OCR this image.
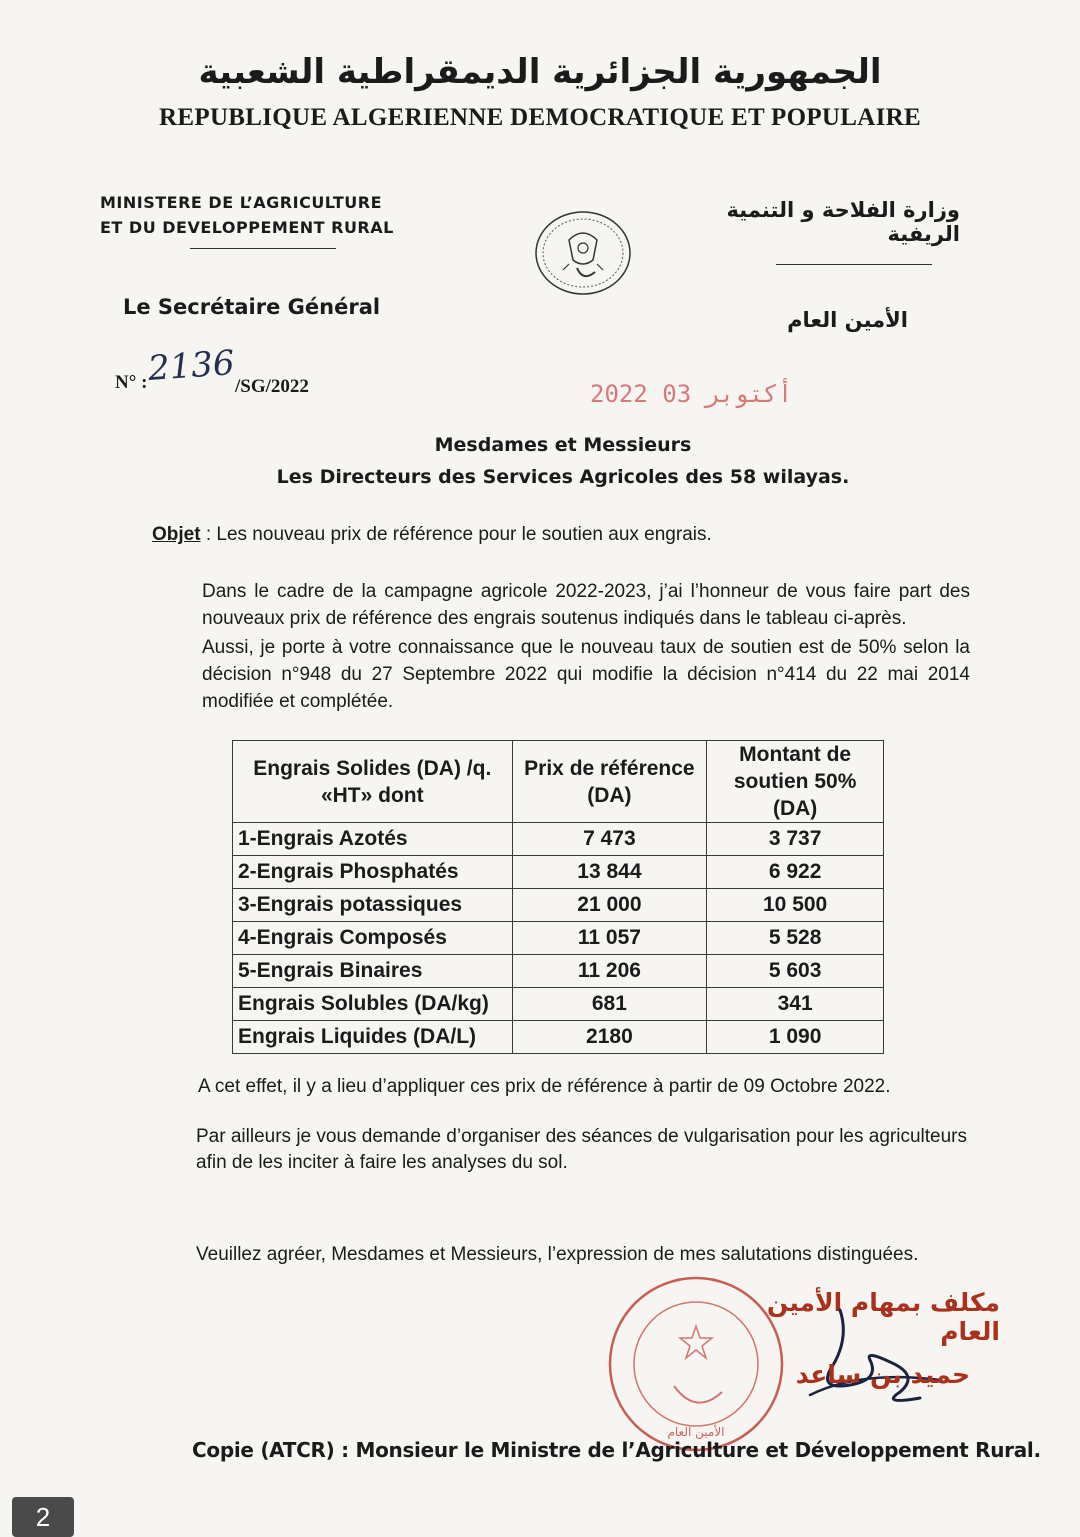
الجمهورية الجزائرية الديمقراطية الشعبية
REPUBLIQUE ALGERIENNE DEMOCRATIQUE ET POPULAIRE
MINISTERE DE L’AGRICULTURE
ET DU DEVELOPPEMENT RURAL
وزارة الفلاحة و التنمية الريفية
Le Secrétaire Général
الأمين العام
N° : 2136 /SG/2022	2022 أكتوبر 03
Mesdames et Messieurs
Les Directeurs des Services Agricoles des 58 wilayas.
Objet : Les nouveau prix de référence pour le soutien aux engrais.
Dans le cadre de la campagne agricole 2022-2023, j’ai l’honneur de vous faire part des nouveaux prix de référence des engrais soutenus indiqués dans le tableau ci-après.
Aussi, je porte à votre connaissance que le nouveau taux de soutien est de 50% selon la décision n°948 du 27 Septembre 2022 qui modifie la décision n°414 du 22 mai 2014 modifiée et complétée.
Engrais Solides (DA) /q. «HT» dont	Prix de référence (DA)	Montant de soutien 50% (DA)
1-Engrais Azotés	7 473	3 737
2-Engrais Phosphatés	13 844	6 922
3-Engrais potassiques	21 000	10 500
4-Engrais Composés	11 057	5 528
5-Engrais Binaires	11 206	5 603
Engrais Solubles (DA/kg)	681	341
Engrais Liquides (DA/L)	2180	1 090
A cet effet, il y a lieu d’appliquer ces prix de référence à partir de 09 Octobre 2022.
Par ailleurs je vous demande d’organiser des séances de vulgarisation pour les agriculteurs afin de les inciter à faire les analyses du sol.
Veuillez agréer, Mesdames et Messieurs, l’expression de mes salutations distinguées.
الأمين العام
مكلف بمهام الأمين العام
حميد بن ساعد
Copie (ATCR) : Monsieur le Ministre de l’Agriculture et Développement Rural.
2
